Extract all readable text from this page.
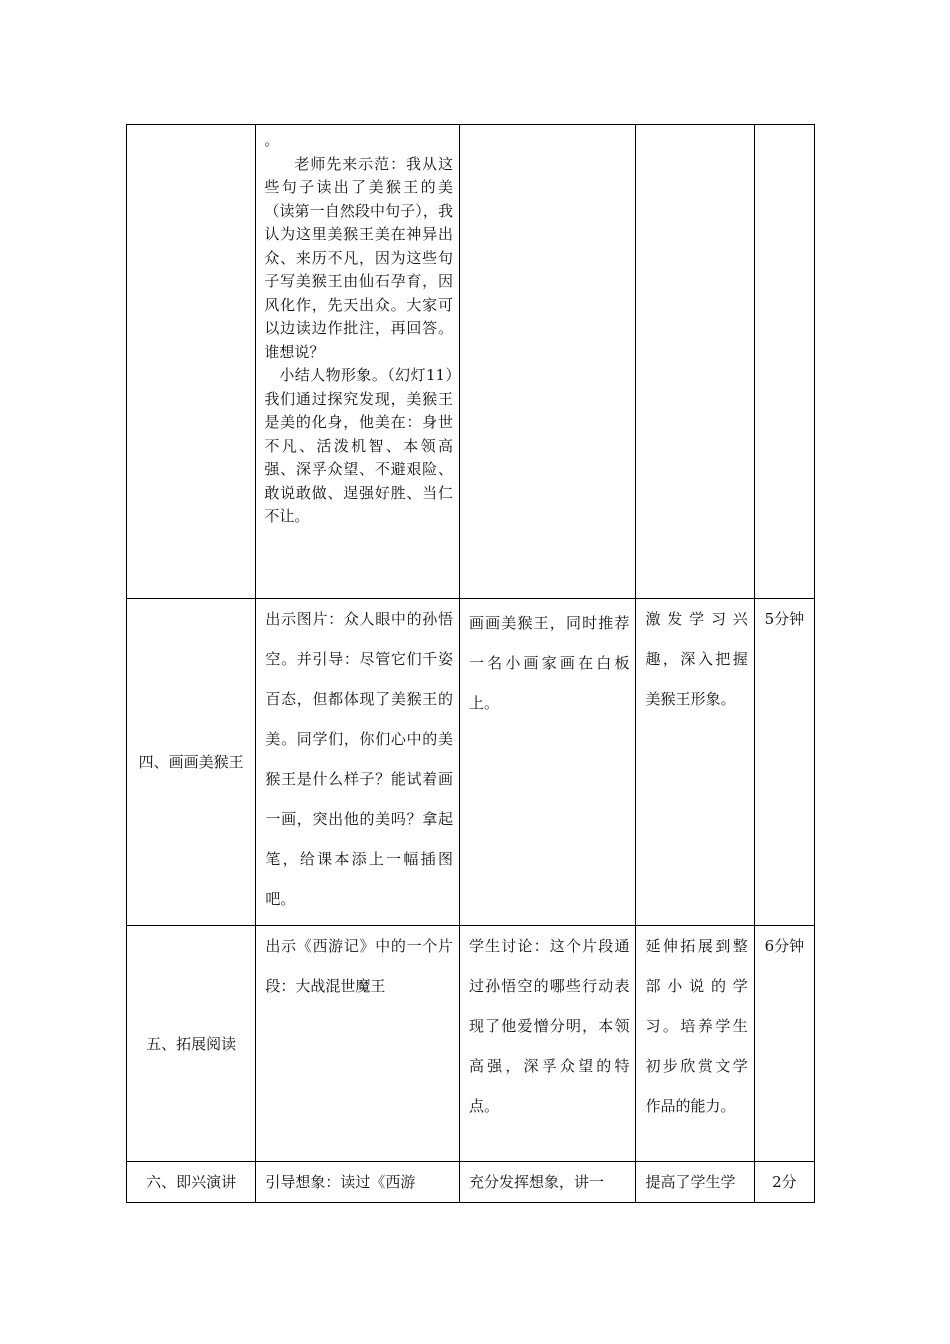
	。

老师先来示范：我从这些句子读出了美猴王的美（读第一自然段中句子），我认为这里美猴王美在神异出众、来历不凡，因为这些句子写美猴王由仙石孕育，因风化作，先天出众。大家可以边读边作批注，再回答。谁想说？

小结人物形象。（幻灯11）我们通过探究发现，美猴王是美的化身，他美在：身世不凡、活泼机智、本领高强、深孚众望、不避艰险、敢说敢做、逞强好胜、当仁不让。			

四、画画美猴王	出示图片：众人眼中的孙悟空。并引导：尽管它们千姿百态，但都体现了美猴王的美。同学们，你们心中的美猴王是什么样子？能试着画一画，突出他的美吗？拿起笔，给课本添上一幅插图吧。	画画美猴王，同时推荐一名小画家画在白板上。	激发学习兴趣，深入把握美猴王形象。	5分钟
五、拓展阅读	出示《西游记》中的一个片段：大战混世魔王	学生讨论：这个片段通过孙悟空的哪些行动表现了他爱憎分明，本领高强，深孚众望的特点。	延伸拓展到整部小说的学习。培养学生初步欣赏文学作品的能力。	6分钟
六、即兴演讲	引导想象：读过《西游	充分发挥想象，讲一	提高了学生学	2分
